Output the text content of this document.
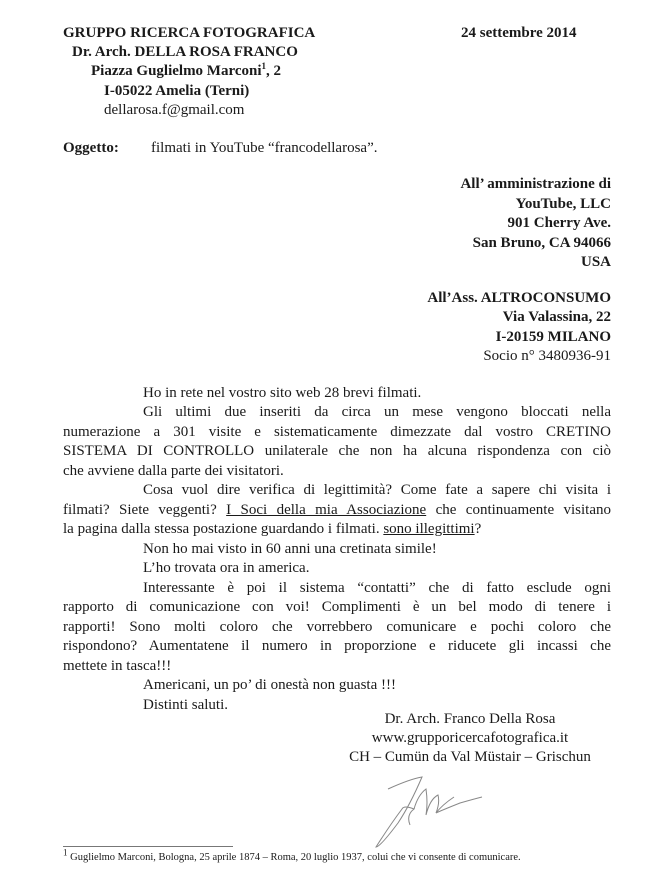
GRUPPO RICERCA FOTOGRAFICA	24 settembre 2014
Dr. Arch. DELLA ROSA FRANCO
Piazza Guglielmo Marconi$^1$, 2
I-05022 Amelia (Terni)
dellarosa.f@gmail.com
Oggetto: filmati in YouTube “francodellarosa”.
All’ amministrazione di
YouTube, LLC
901 Cherry Ave.
San Bruno, CA 94066
USA
All’Ass. ALTROCONSUMO
Via Valassina, 22
I-20159 MILANO
Socio n° 3480936-91
Ho in rete nel vostro sito web 28 brevi filmati.
Gli ultimi due inseriti da circa un mese vengono bloccati nella
numerazione a 301 visite e sistematicamente dimezzate dal vostro CRETINO
SISTEMA DI CONTROLLO unilaterale che non ha alcuna rispondenza con ciò
che avviene dalla parte dei visitatori.
Cosa vuol dire verifica di legittimità? Come fate a sapere chi visita i
filmati? Siete veggenti? I Soci della mia Associazione che continuamente visitano
la pagina dalla stessa postazione guardando i filmati. sono illegittimi?
Non ho mai visto in 60 anni una cretinata simile!
L’ho trovata ora in america.
Interessante è poi il sistema “contatti” che di fatto esclude ogni
rapporto di comunicazione con voi! Complimenti è un bel modo di tenere i
rapporti! Sono molti coloro che vorrebbero comunicare e pochi coloro che
rispondono? Aumentatene il numero in proporzione e riducete gli incassi che
mettete in tasca!!!
Americani, un po’ di onestà non guasta !!!
Distinti saluti.
Dr. Arch. Franco Della Rosa
www.grupporicercafotografica.it
CH – Cumün da Val Müstair – Grischun
$^1$ Guglielmo Marconi, Bologna, 25 aprile 1874 – Roma, 20 luglio 1937, colui che vi consente di comunicare.
